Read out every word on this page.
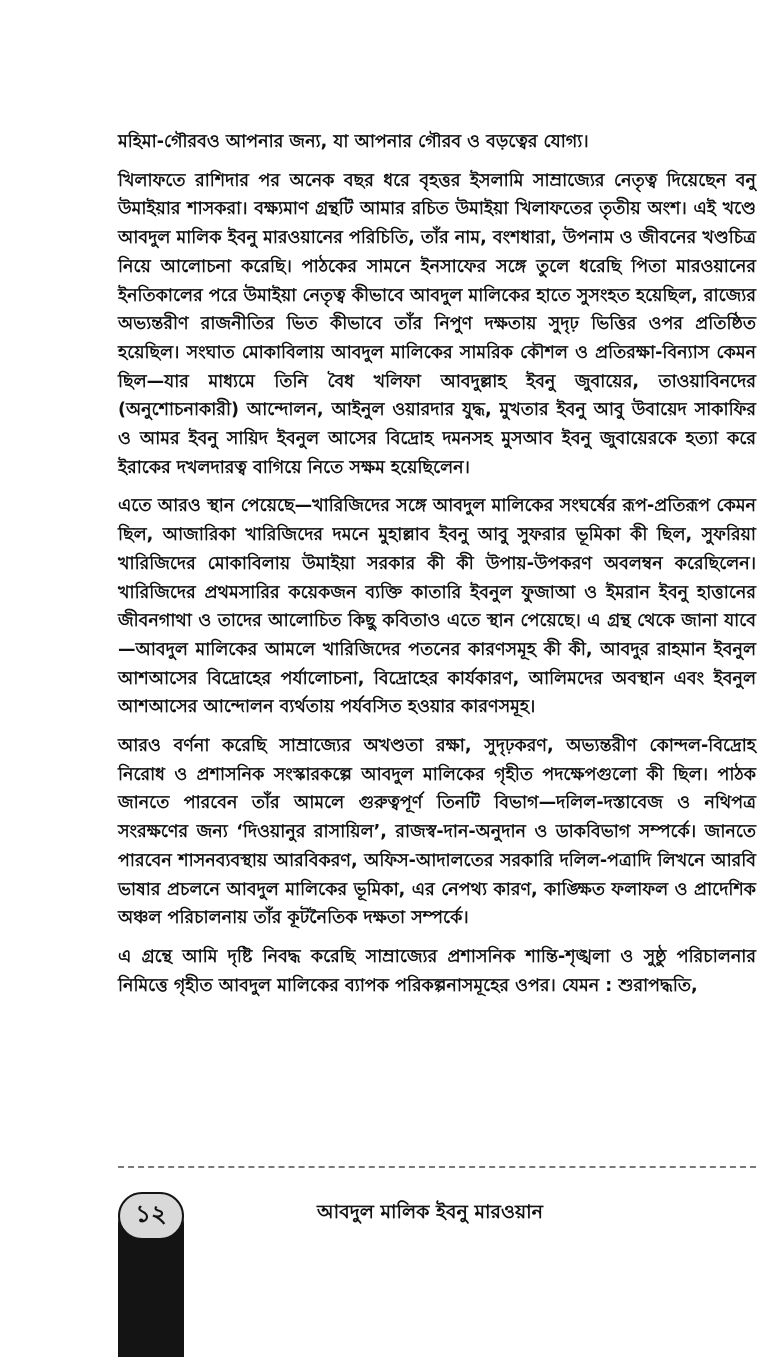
মহিমা-গৌরবও আপনার জন্য, যা আপনার গৌরব ও বড়ত্বের যোগ্য।

খিলাফতে রাশিদার পর অনেক বছর ধরে বৃহত্তর ইসলামি সাম্রাজ্যের নেতৃত্ব দিয়েছেন বনু উমাইয়ার শাসকরা। বক্ষ্যমাণ গ্রন্থটি আমার রচিত উমাইয়া খিলাফতের তৃতীয় অংশ। এই খণ্ডে আবদুল মালিক ইবনু মারওয়ানের পরিচিতি, তাঁর নাম, বংশধারা, উপনাম ও জীবনের খণ্ডচিত্র নিয়ে আলোচনা করেছি। পাঠকের সামনে ইনসাফের সঙ্গে তুলে ধরেছি পিতা মারওয়ানের ইনতিকালের পরে উমাইয়া নেতৃত্ব কীভাবে আবদুল মালিকের হাতে সুসংহত হয়েছিল, রাজ্যের অভ্যন্তরীণ রাজনীতির ভিত কীভাবে তাঁর নিপুণ দক্ষতায় সুদৃঢ় ভিত্তির ওপর প্রতিষ্ঠিত হয়েছিল। সংঘাত মোকাবিলায় আবদুল মালিকের সামরিক কৌশল ও প্রতিরক্ষা-বিন্যাস কেমন ছিল—যার মাধ্যমে তিনি বৈধ খলিফা আবদুল্লাহ ইবনু জুবায়ের, তাওয়াবিনদের (অনুশোচনাকারী) আন্দোলন, আইনুল ওয়ারদার যুদ্ধ, মুখতার ইবনু আবু উবায়েদ সাকাফির ও আমর ইবনু সায়িদ ইবনুল আসের বিদ্রোহ দমনসহ মুসআব ইবনু জুবায়েরকে হত্যা করে ইরাকের দখলদারত্ব বাগিয়ে নিতে সক্ষম হয়েছিলেন।

এতে আরও স্থান পেয়েছে—খারিজিদের সঙ্গে আবদুল মালিকের সংঘর্ষের রূপ-প্রতিরূপ কেমন ছিল, আজারিকা খারিজিদের দমনে মুহাল্লাব ইবনু আবু সুফরার ভূমিকা কী ছিল, সুফরিয়া খারিজিদের মোকাবিলায় উমাইয়া সরকার কী কী উপায়-উপকরণ অবলম্বন করেছিলেন। খারিজিদের প্রথমসারির কয়েকজন ব্যক্তি কাতারি ইবনুল ফুজাআ ও ইমরান ইবনু হাত্তানের জীবনগাথা ও তাদের আলোচিত কিছু কবিতাও এতে স্থান পেয়েছে। এ গ্রন্থ থেকে জানা যাবে—আবদুল মালিকের আমলে খারিজিদের পতনের কারণসমূহ কী কী, আবদুর রাহমান ইবনুল আশআসের বিদ্রোহের পর্যালোচনা, বিদ্রোহের কার্যকারণ, আলিমদের অবস্থান এবং ইবনুল আশআসের আন্দোলন ব্যর্থতায় পর্যবসিত হওয়ার কারণসমূহ।

আরও বর্ণনা করেছি সাম্রাজ্যের অখণ্ডতা রক্ষা, সুদৃঢ়করণ, অভ্যন্তরীণ কোন্দল-বিদ্রোহ নিরোধ ও প্রশাসনিক সংস্কারকল্পে আবদুল মালিকের গৃহীত পদক্ষেপগুলো কী ছিল। পাঠক জানতে পারবেন তাঁর আমলে গুরুত্বপূর্ণ তিনটি বিভাগ—দলিল-দস্তাবেজ ও নথিপত্র সংরক্ষণের জন্য ‘দিওয়ানুর রাসায়িল’, রাজস্ব-দান-অনুদান ও ডাকবিভাগ সম্পর্কে। জানতে পারবেন শাসনব্যবস্থায় আরবিকরণ, অফিস-আদালতের সরকারি দলিল-পত্রাদি লিখনে আরবি ভাষার প্রচলনে আবদুল মালিকের ভূমিকা, এর নেপথ্য কারণ, কাঙ্ক্ষিত ফলাফল ও প্রাদেশিক অঞ্চল পরিচালনায় তাঁর কূটনৈতিক দক্ষতা সম্পর্কে।

এ গ্রন্থে আমি দৃষ্টি নিবদ্ধ করেছি সাম্রাজ্যের প্রশাসনিক শান্তি-শৃঙ্খলা ও সুষ্ঠু পরিচালনার নিমিত্তে গৃহীত আবদুল মালিকের ব্যাপক পরিকল্পনাসমূহের ওপর। যেমন : শুরাপদ্ধতি,

১২	আবদুল মালিক ইবনু মারওয়ান
